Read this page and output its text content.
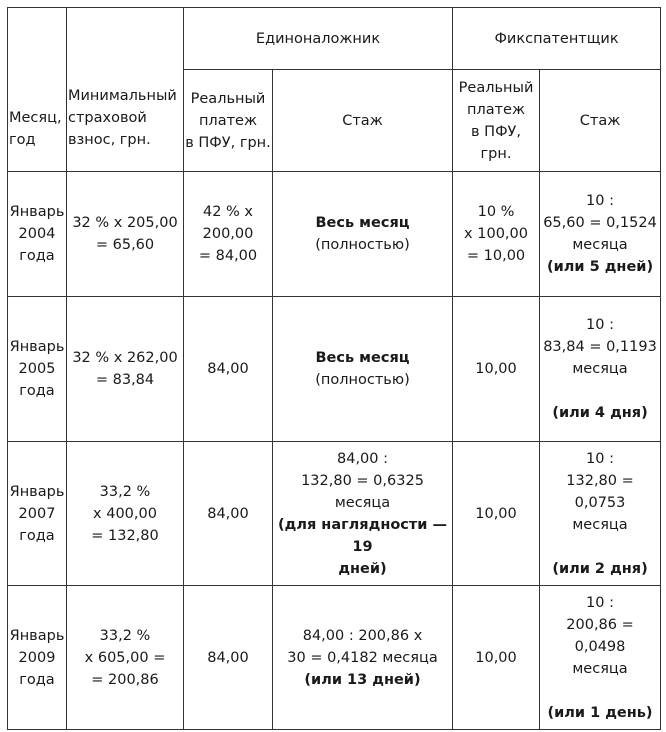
Месяц,
год	Минимальный
страховой
взнос, грн.	Единоналожник		Фикспатентщик	
		Реальный
платеж
в ПФУ, грн.	Стаж	Реальный
платеж
в ПФУ, грн.	Стаж
Январь
2004
года	32 % х 205,00
= 65,60	42 % х
200,00
= 84,00	Весь месяц
(полностью)	10 %
х 100,00
= 10,00	10 :
65,60 = 0,1524
месяца
(или 5 дней)

Январь
2005
года	32 % х 262,00
= 83,84	84,00	Весь месяц
(полностью)	10,00	10 :
83,84 = 0,1193
месяца
(или 4 дня)

Январь
2007
года	33,2 %
х 400,00
= 132,80	84,00	84,00 :
132,80 = 0,6325 месяца
(для наглядности — 19
дней)	10,00	10 :
132,80 = 0,0753
месяца
(или 2 дня)

Январь
2009
года	33,2 %
х 605,00 =
= 200,86	84,00	84,00 : 200,86 х
30 = 0,4182 месяца
(или 13 дней)	10,00	10 :
200,86 = 0,0498
месяца
(или 1 день)
